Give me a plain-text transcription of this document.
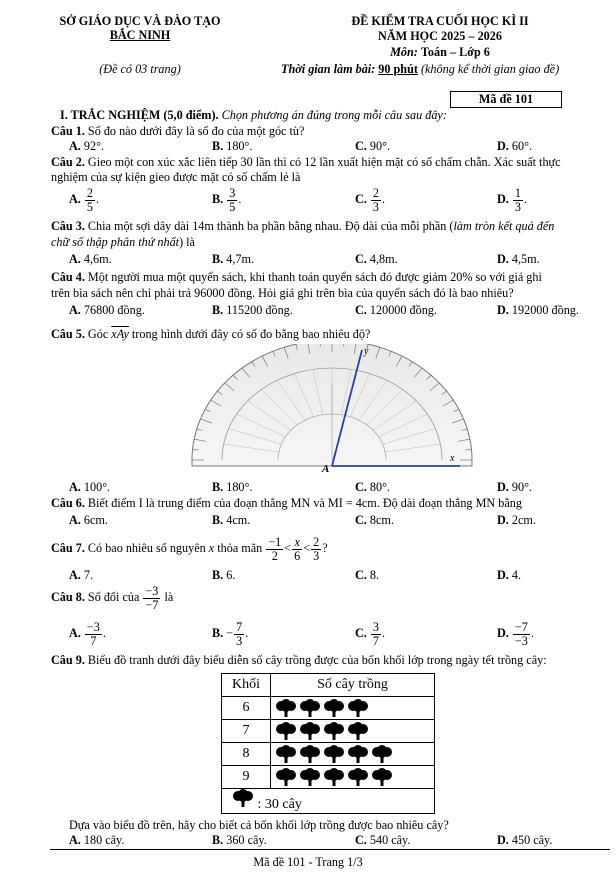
SỞ GIÁO DỤC VÀ ĐÀO TẠO
BẮC NINH
(Đề có 03 trang)
ĐỀ KIỂM TRA CUỐI HỌC KÌ II
NĂM HỌC 2025 – 2026
Môn: Toán – Lớp 6
Thời gian làm bài: 90 phút (không kể thời gian giao đề)
Mã đề 101
I. TRẮC NGHIỆM (5,0 điểm). Chọn phương án đúng trong mỗi câu sau đây:
Câu 1. Số đo nào dưới đây là số đo của một góc tù?
A. 92°.	B. 180°.	C. 90°.	D. 60°.
Câu 2. Gieo một con xúc xắc liên tiếp 30 lần thì có 12 lần xuất hiện mặt có số chấm chẵn. Xác suất thực
nghiệm của sự kiện gieo được mặt có số chấm lẻ là
A. $\frac{2}{5}$ .	B. $\frac{3}{5}$ .	C. $\frac{2}{3}$ .	D. $\frac{1}{3}$ .
Câu 3. Chia một sợi dây dài 14m thành ba phần bằng nhau. Độ dài của mỗi phần (làm tròn kết quả đến
chữ số thập phân thứ nhất) là
A. 4,6m.	B. 4,7m.	C. 4,8m.	D. 4,5m.
Câu 4. Một người mua một quyển sách, khi thanh toán quyển sách đó được giảm 20% so với giá ghi
trên bìa sách nên chỉ phải trả 96000 đồng. Hỏi giá ghi trên bìa của quyển sách đó là bao nhiêu?
A. 76800 đồng.	B. 115200 đồng.	C. 120000 đồng.	D. 192000 đồng.
Câu 5. Góc $\overline{xAy}$ trong hình dưới đây có số đo bằng bao nhiêu độ?
y
x
A
A. 100°.	B. 180°.	C. 80°.	D. 90°.
Câu 6. Biết điểm I là trung điểm của đoạn thẳng MN và MI = 4cm. Độ dài đoạn thẳng MN bằng
A. 6cm.	B. 4cm.	C. 8cm.	D. 2cm.
Câu 7. Có bao nhiêu số nguyên x thỏa mãn $\frac{-1}{2} < \frac{x}{6} < \frac{2}{3}$ ?
A. 7.	B. 6.	C. 8.	D. 4.
Câu 8. Số đối của $\frac{-3}{-7}$ là
A. $\frac{-3}{7}$ .	B. − $\frac{7}{3}$ .	C. $\frac{3}{7}$ .	D. $\frac{-7}{-3}$ .
Câu 9. Biểu đồ tranh dưới đây biểu diễn số cây trồng được của bốn khối lớp trong ngày tết trồng cây:
Khối	Số cây trồng
6	

7	

8	

9	

: 30 cây	
Dựa vào biểu đồ trên, hãy cho biết cả bốn khối lớp trồng được bao nhiêu cây?
A. 180 cây.	B. 360 cây.	C. 540 cây.	D. 450 cây.
Mã đề 101 - Trang 1/3
